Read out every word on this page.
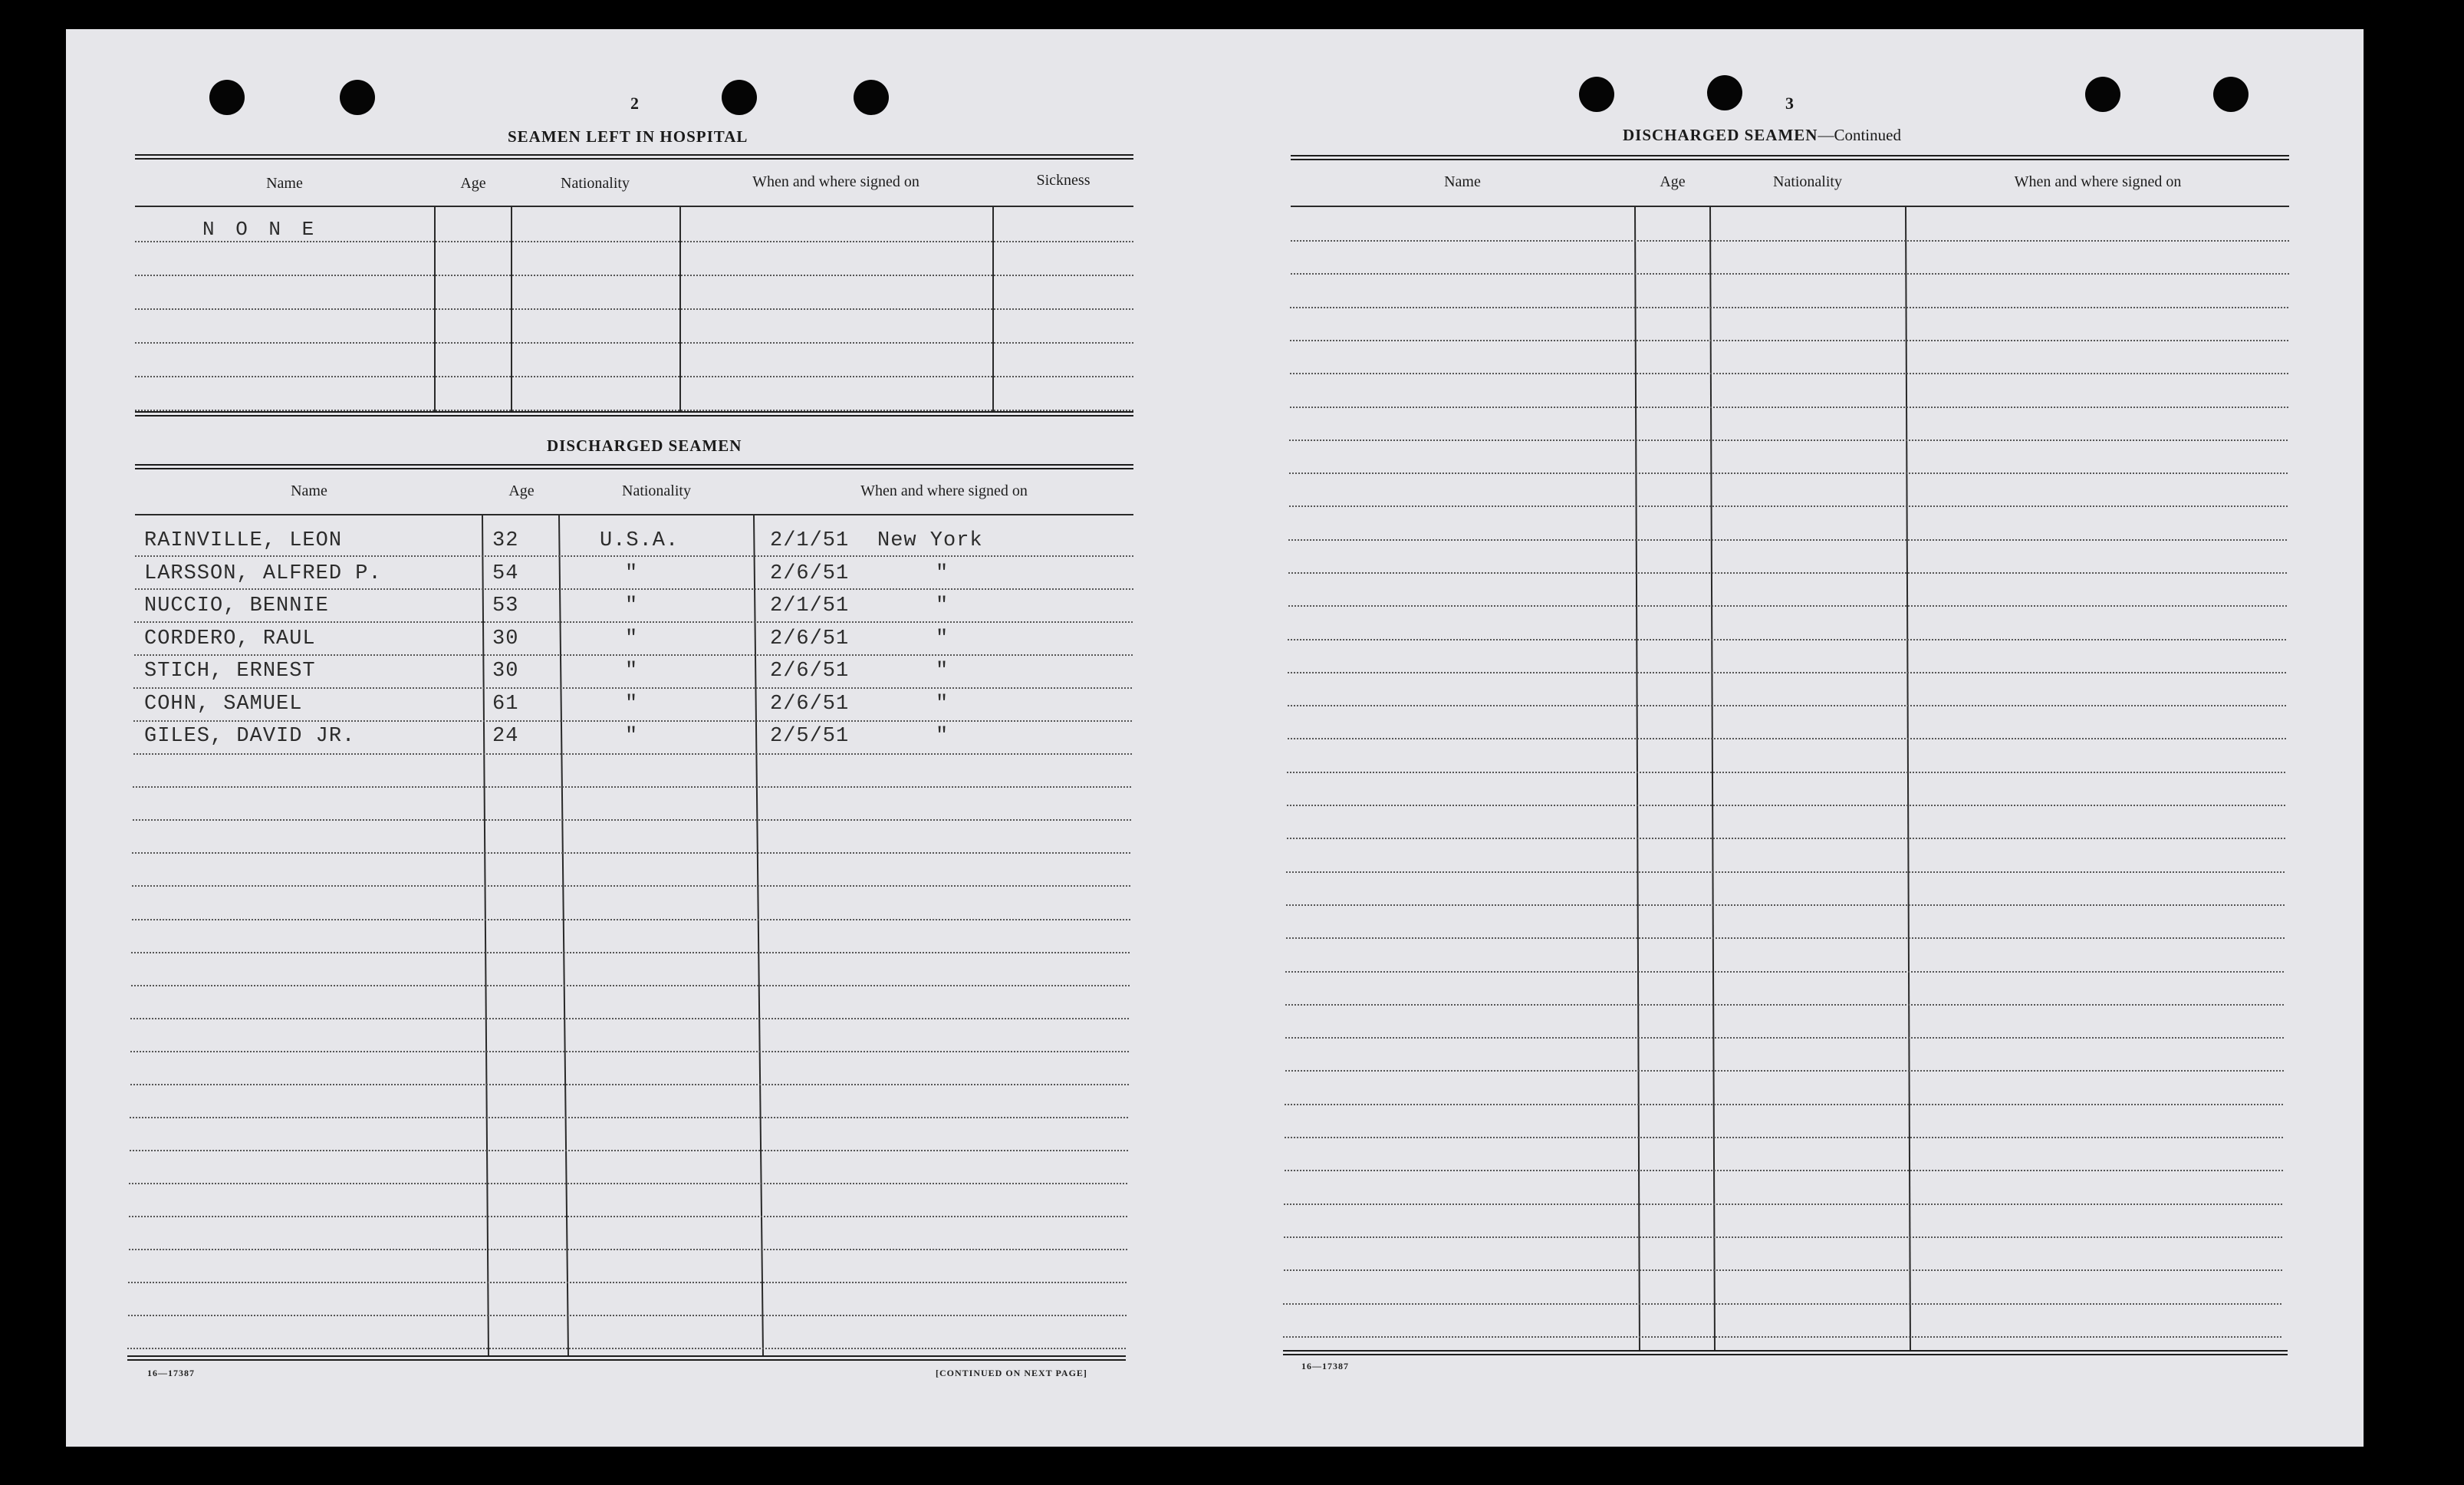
2
SEAMEN LEFT IN HOSPITAL
Name	Age	Nationality	When and where signed on	Sickness
N O N E
DISCHARGED SEAMEN
Name	Age	Nationality	When and where signed on
RAINVILLE, LEON	32	U.S.A.	2/1/51 New York
LARSSON, ALFRED P.	54	"	2/6/51	"
NUCCIO, BENNIE	53	"	2/1/51	"
CORDERO, RAUL	30	"	2/6/51	"
STICH, ERNEST	30	"	2/6/51	"
COHN, SAMUEL	61	"	2/6/51	"
GILES, DAVID JR.	24	"	2/5/51	"
16—17387	[CONTINUED ON NEXT PAGE]
3
DISCHARGED SEAMEN—Continued
Name	Age	Nationality	When and where signed on
16—17387
